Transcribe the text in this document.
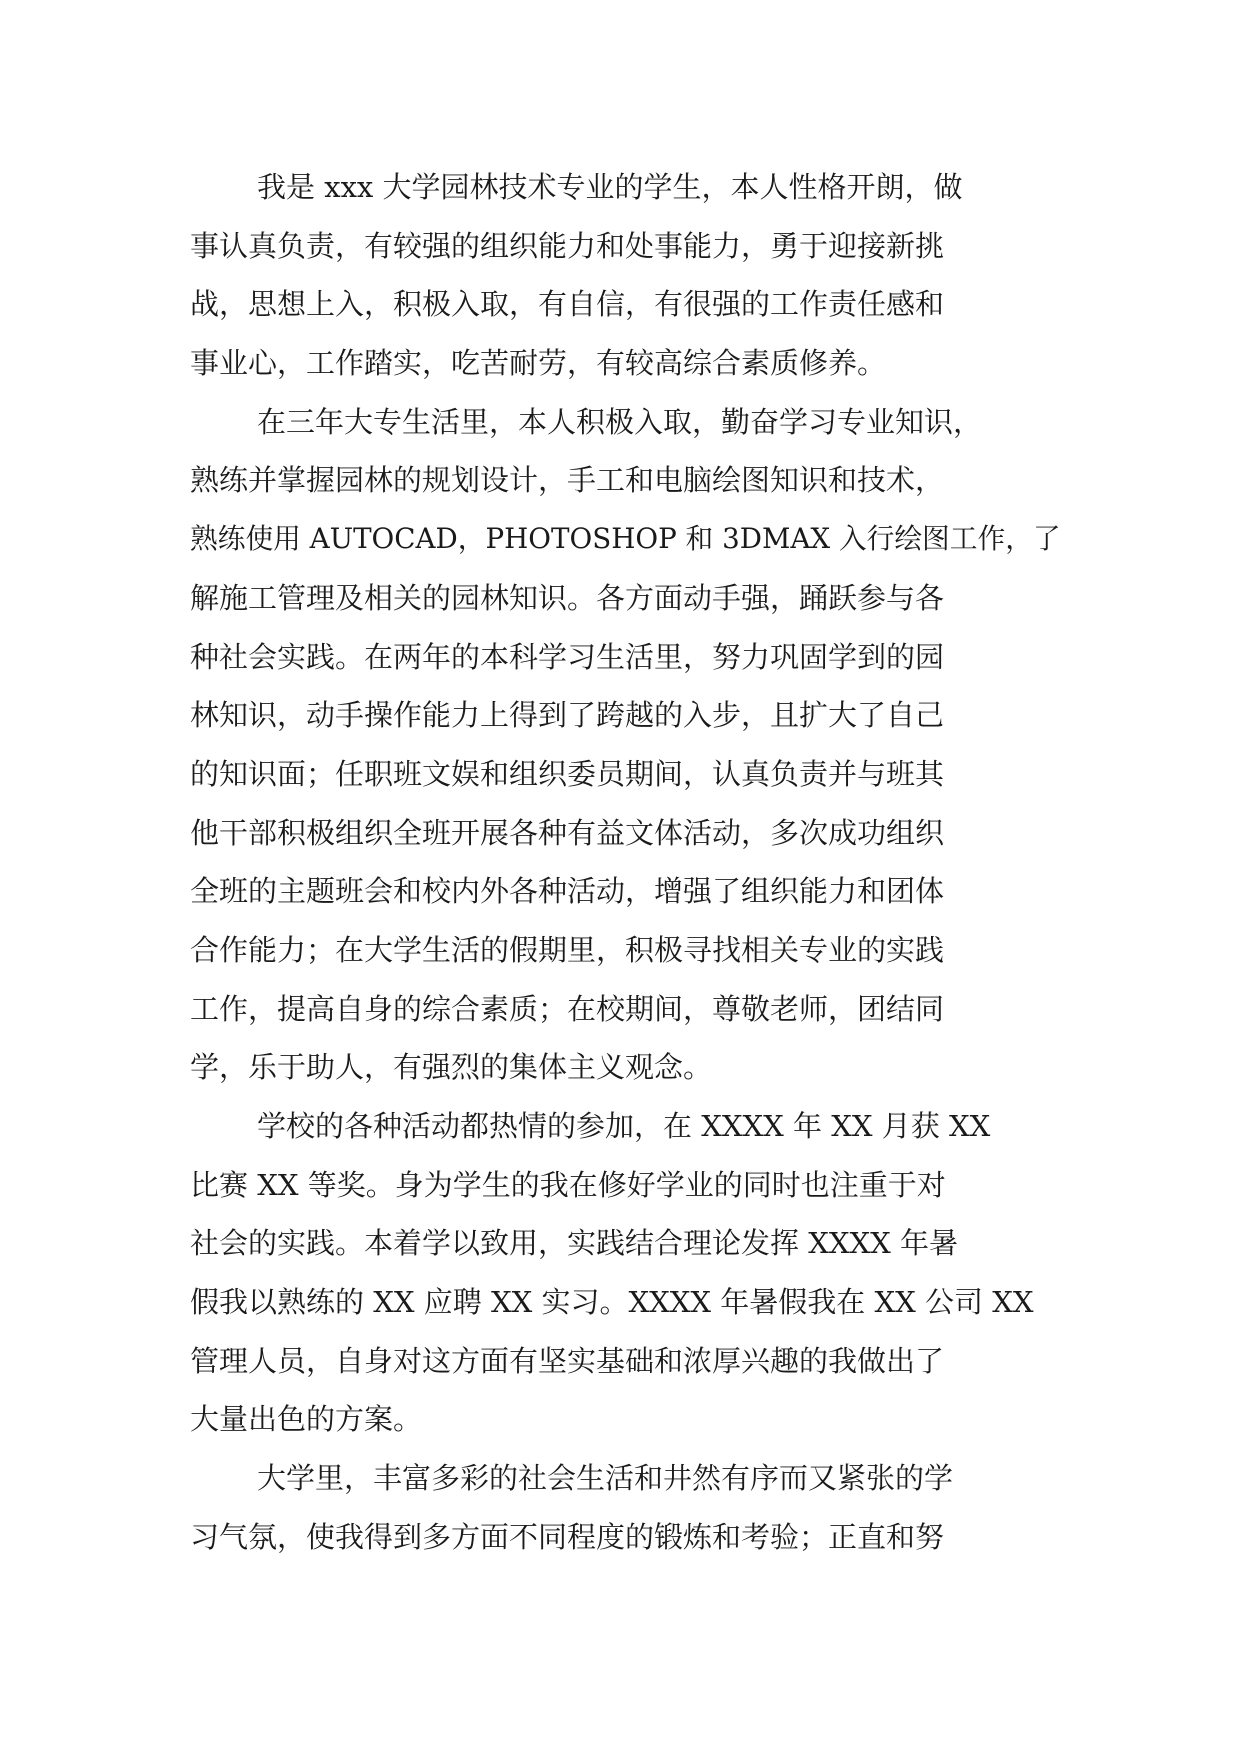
我是 xxx 大学园林技术专业的学生，本人性格开朗，做
事认真负责，有较强的组织能力和处事能力，勇于迎接新挑
战，思想上入，积极入取，有自信，有很强的工作责任感和
事业心，工作踏实，吃苦耐劳，有较高综合素质修养。
在三年大专生活里，本人积极入取，勤奋学习专业知识，
熟练并掌握园林的规划设计，手工和电脑绘图知识和技术，
熟练使用 AUTOCAD，PHOTOSHOP 和 3DMAX 入行绘图工作，了
解施工管理及相关的园林知识。各方面动手强，踊跃参与各
种社会实践。在两年的本科学习生活里，努力巩固学到的园
林知识，动手操作能力上得到了跨越的入步，且扩大了自己
的知识面；任职班文娱和组织委员期间，认真负责并与班其
他干部积极组织全班开展各种有益文体活动，多次成功组织
全班的主题班会和校内外各种活动，增强了组织能力和团体
合作能力；在大学生活的假期里，积极寻找相关专业的实践
工作，提高自身的综合素质；在校期间，尊敬老师，团结同
学，乐于助人，有强烈的集体主义观念。
学校的各种活动都热情的参加，在 XXXX 年 XX 月获 XX
比赛 XX 等奖。身为学生的我在修好学业的同时也注重于对
社会的实践。本着学以致用，实践结合理论发挥 XXXX 年暑
假我以熟练的 XX 应聘 XX 实习。XXXX 年暑假我在 XX 公司 XX
管理人员，自身对这方面有坚实基础和浓厚兴趣的我做出了
大量出色的方案。
大学里，丰富多彩的社会生活和井然有序而又紧张的学
习气氛，使我得到多方面不同程度的锻炼和考验；正直和努
